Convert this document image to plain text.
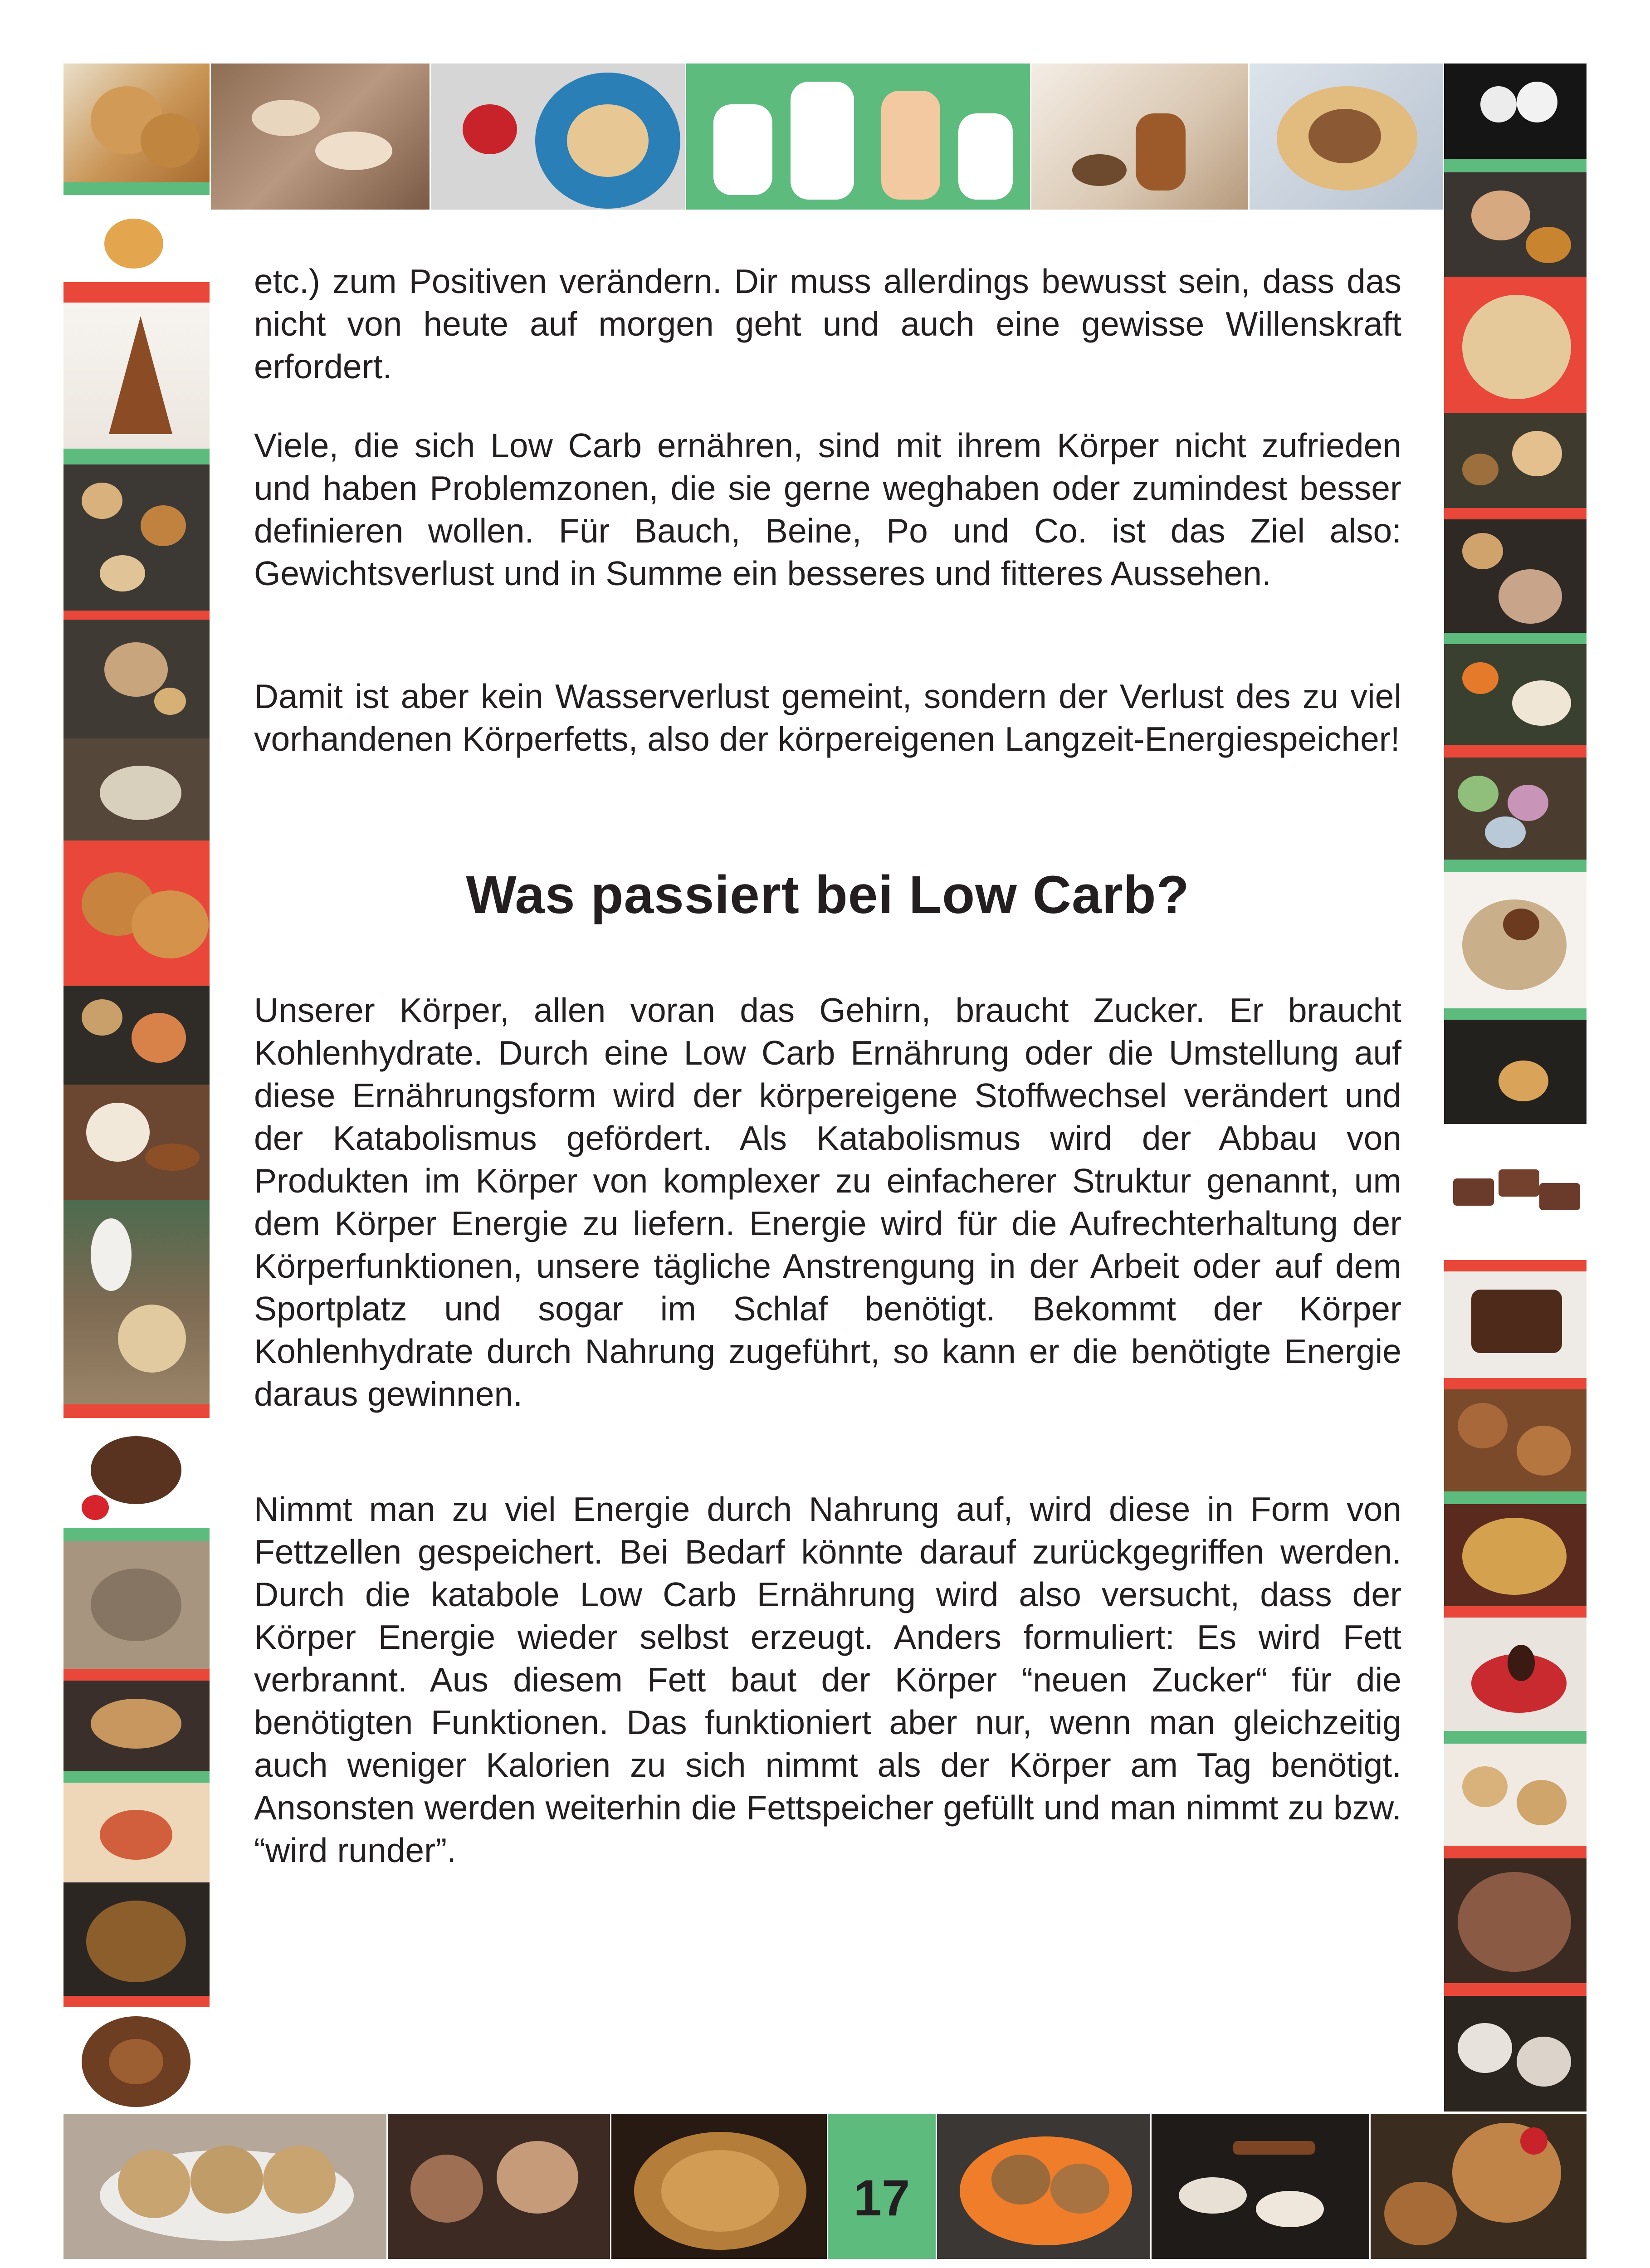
17

etc.) zum Positiven verändern. Dir muss allerdings bewusst sein, dass das nicht von heute auf morgen geht und auch eine gewisse Willenskraft erfordert.

Viele, die sich Low Carb ernähren, sind mit ihrem Körper nicht zufrieden und haben Problemzonen, die sie gerne weghaben oder zumindest besser definieren wollen. Für Bauch, Beine, Po und Co. ist das Ziel also: Gewichtsverlust und in Summe ein besseres und fitteres Aussehen.

Damit ist aber kein Wasserverlust gemeint, sondern der Verlust des zu viel vorhandenen Körperfetts, also der körpereigenen Langzeit-Energiespeicher!

Was passiert bei Low Carb?

Unserer Körper, allen voran das Gehirn, braucht Zucker. Er braucht Kohlenhydrate. Durch eine Low Carb Ernährung oder die Umstellung auf diese Ernährungsform wird der körpereigene Stoffwechsel verändert und der Katabolismus gefördert. Als Katabolismus wird der Abbau von Produkten im Körper von komplexer zu einfacherer Struktur genannt, um dem Körper Energie zu liefern. Energie wird für die Aufrechterhaltung der Körperfunktionen, unsere tägliche Anstrengung in der Arbeit oder auf dem Sportplatz und sogar im Schlaf benötigt. Bekommt der Körper Kohlenhydrate durch Nahrung zugeführt, so kann er die benötigte Energie daraus gewinnen.

Nimmt man zu viel Energie durch Nahrung auf, wird diese in Form von Fettzellen gespeichert. Bei Bedarf könnte darauf zurückgegriffen werden. Durch die katabole Low Carb Ernährung wird also versucht, dass der Körper Energie wieder selbst erzeugt. Anders formuliert: Es wird Fett verbrannt. Aus diesem Fett baut der Körper “neuen Zucker“ für die benötigten Funktionen. Das funktioniert aber nur, wenn man gleichzeitig auch weniger Kalorien zu sich nimmt als der Körper am Tag benötigt. Ansonsten werden weiterhin die Fettspeicher gefüllt und man nimmt zu bzw. “wird runder”.
